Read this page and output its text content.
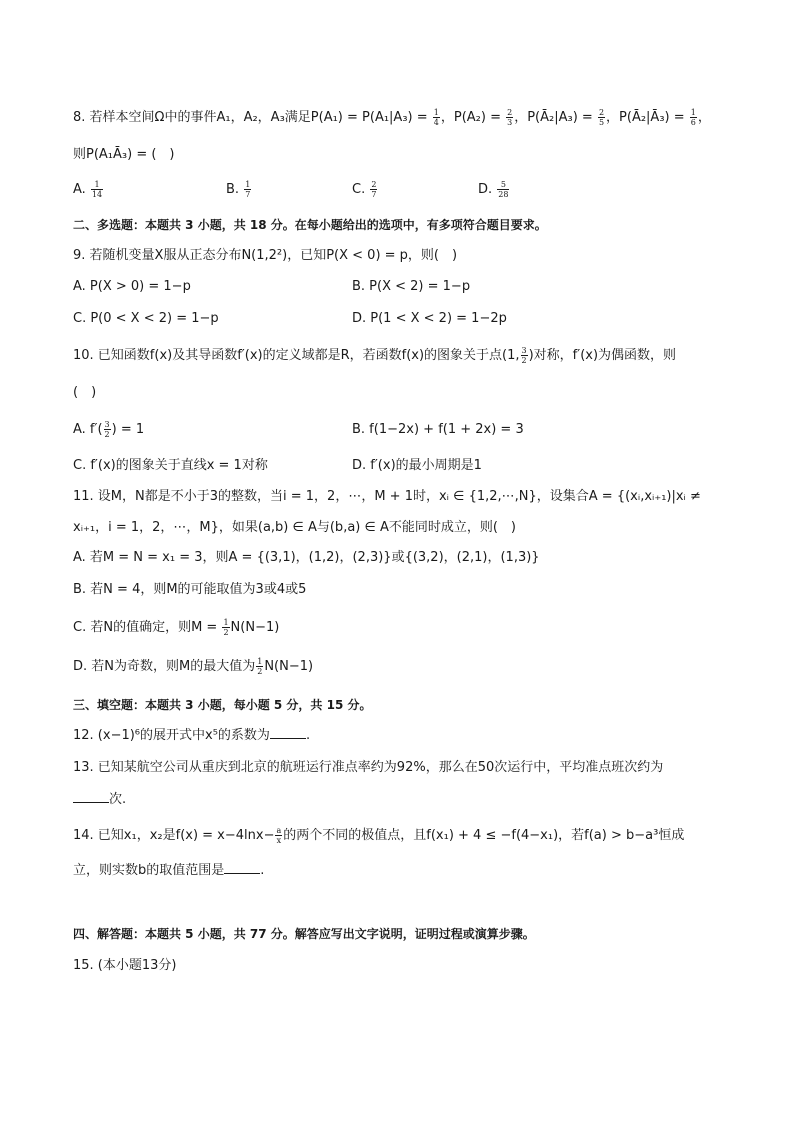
8. 若样本空间Ω中的事件A₁，A₂，A₃满足$P(A_1) = P(A_1|A_3) = \frac{1}{4}$ ，$P(A_2) = \frac{2}{3}$ ，P(Ā₂|A₃) = $\frac{2}{5}$ ，P(Ā₂|Ā₃) = $\frac{1}{6}$ ，
则P(A₁Ā₃) = (　)
A. $\frac{1}{14}$	B. $\frac{1}{7}$	C. $\frac{2}{7}$	D. $\frac{5}{28}$
二、多选题：本题共 3 小题，共 18 分。在每小题给出的选项中，有多项符合题目要求。
9. 若随机变量X服从正态分布N(1,2²)，已知P(X < 0) = p，则(　)
A. P(X > 0) = 1−p	B. P(X < 2) = 1−p
C. P(0 < X < 2) = 1−p	D. P(1 < X < 2) = 1−2p
10. 已知函数f(x)及其导函数f′(x)的定义域都是R，若函数f(x)的图象关于点(1, $\frac{3}{2}$ )对称，f′(x)为偶函数，则
(　)
A. $f'( \frac{3}{2}$ ) = 1	B. f(1−2x) + f(1 + 2x) = 3
C. f′(x)的图象关于直线x = 1对称	D. f′(x)的最小周期是1
11. 设M，N都是不小于3的整数，当i = 1，2，⋯，M + 1时，xᵢ ∈ {1,2,⋯,N}，设集合A = {(xᵢ,xᵢ₊₁)|xᵢ ≠
xᵢ₊₁，i = 1，2，⋯，M}，如果(a,b) ∈ A与(b,a) ∈ A不能同时成立，则(　)
A. 若M = N = x₁ = 3，则A = {(3,1)，(1,2)，(2,3)}或{(3,2)，(2,1)，(1,3)}
B. 若N = 4，则M的可能取值为3或4或5
C. 若N的值确定，则$M = \frac{1}{2} N(N-1)$
D. 若N为奇数，则M的最大值为 $\frac{1}{2} N(N-1)$
三、填空题：本题共 3 小题，每小题 5 分，共 15 分。
12. (x−1)⁶的展开式中x⁵的系数为	.
13. 已知某航空公司从重庆到北京的航班运行准点率约为92%，那么在50次运行中，平均准点班次约为
次.
14. 已知x₁，x₂是$f(x) = x-4\ln x- \frac{a}{x}$ 的两个不同的极值点，且f(x₁) + 4 ≤ −f(4−x₁)，若f(a) > b−a³恒成
立，则实数b的取值范围是	.
四、解答题：本题共 5 小题，共 77 分。解答应写出文字说明，证明过程或演算步骤。
15. (本小题13分)
